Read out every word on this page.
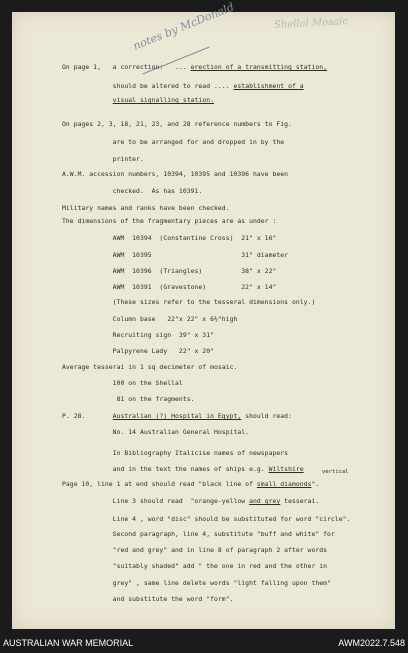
notes by McDonald	Shellal Mosaic
On page 1,   a correction:   ... erection of a transmitting station,
should be altered to read .... establishment of a
visual signalling station.
On pages 2, 3, 18, 21, 23, and 28 reference numbers to Fig.
are to be arranged for and dropped in by the
printer.
A.W.M. accession numbers, 10394, 10395 and 10396 have been
checked.  As has 10391.
Military names and ranks have been checked.
The dimensions of the fragmentary pieces are as under :
AWM  10394  (Constantine Cross)  21" x 16"
AWM  10395                       31" diameter
AWM  10396  (Triangles)          38" x 22"
AWM  10391  (Gravestone)         22" x 14"
(These sizes refer to the tesseral dimensions only.)
Column base   22"x 22" x 6½"high
Recruiting sign  39" x 31"
Palpyrene Lady   22" x 20"
Average tesserai in 1 sq decimeter of mosaic.
100 on the Shellal
81 on the fragments.
P. 28.       Australian (?) Hospital in Egypt, should read:
No. 14 Australian General Hospital.
In Bibliography Italicise names of newspapers
and in the text the names of ships e.g. Wiltshire
Page 10, line 1 at end should read "black line of small diamonds".
Line 3 should read  "orange-yellow and grey tesserai.
Line 4 , word "disc" should be substituted for word "circle".
Second paragraph, line 4, substitute "buff and white" for
"red and grey" and in line 8 of paragraph 2 after words
"suitably shaded" add " the one in red and the other in
grey" , same line delete words "light falling upon them"
and substitute the word "form".
vertical
AUSTRALIAN WAR MEMORIAL	AWM2022.7.548
